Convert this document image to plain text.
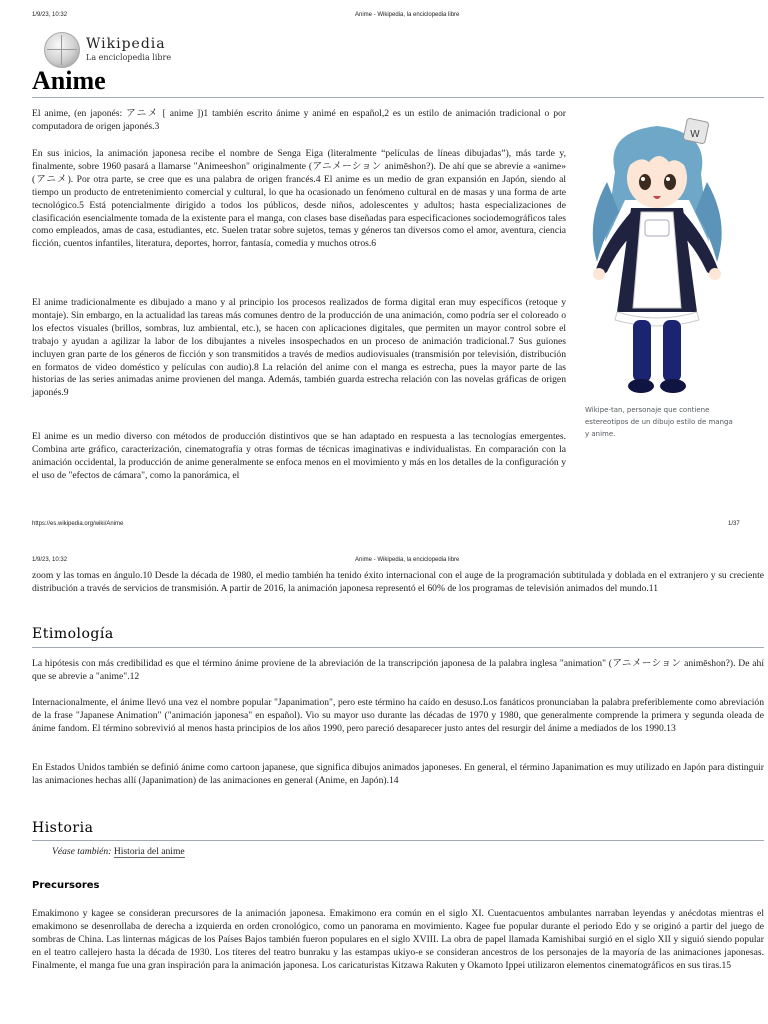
1/9/23, 10:32	Anime - Wikipedia, la enciclopedia libre
Wikipedia
La enciclopedia libre
Anime

El anime, (en japonés: アニメ [ anime ])1 también escrito ánime y animé en español,2 es un estilo de animación tradicional o por computadora de origen japonés.3

En sus inicios, la animación japonesa recibe el nombre de Senga Eiga (literalmente “películas de líneas dibujadas”), más tarde y, finalmente, sobre 1960 pasará a llamarse "Animeeshon" originalmente (アニメーション animēshon?). De ahí que se abrevie a «anime» (アニメ). Por otra parte, se cree que es una palabra de origen francés.4 El anime es un medio de gran expansión en Japón, siendo al tiempo un producto de entretenimiento comercial y cultural, lo que ha ocasionado un fenómeno cultural en de masas y una forma de arte tecnológico.5 Está potencialmente dirigido a todos los públicos, desde niños, adolescentes y adultos; hasta especializaciones de clasificación esencialmente tomada de la existente para el manga, con clases base diseñadas para especificaciones sociodemográficos tales como empleados, amas de casa, estudiantes, etc. Suelen tratar sobre sujetos, temas y géneros tan diversos como el amor, aventura, ciencia ficción, cuentos infantiles, literatura, deportes, horror, fantasía, comedia y muchos otros.6

El anime tradicionalmente es dibujado a mano y al principio los procesos realizados de forma digital eran muy específicos (retoque y montaje). Sin embargo, en la actualidad las tareas más comunes dentro de la producción de una animación, como podría ser el coloreado o los efectos visuales (brillos, sombras, luz ambiental, etc.), se hacen con aplicaciones digitales, que permiten un mayor control sobre el trabajo y ayudan a agilizar la labor de los dibujantes a niveles insospechados en un proceso de animación tradicional.7 Sus guiones incluyen gran parte de los géneros de ficción y son transmitidos a través de medios audiovisuales (transmisión por televisión, distribución en formatos de video doméstico y películas con audio).8 La relación del anime con el manga es estrecha, pues la mayor parte de las historias de las series animadas anime provienen del manga. Además, también guarda estrecha relación con las novelas gráficas de origen japonés.9

El anime es un medio diverso con métodos de producción distintivos que se han adaptado en respuesta a las tecnologías emergentes. Combina arte gráfico, caracterización, cinematografía y otras formas de técnicas imaginativas e individualistas. En comparación con la animación occidental, la producción de anime generalmente se enfoca menos en el movimiento y más en los detalles de la configuración y el uso de "efectos de cámara", como la panorámica, el

W

Wikipe-tan, personaje que contiene estereotipos de un dibujo estilo de manga y anime.

https://es.wikipedia.org/wiki/Anime	1/37
1/9/23, 10:32	Anime - Wikipedia, la enciclopedia libre

zoom y las tomas en ángulo.10 Desde la década de 1980, el medio también ha tenido éxito internacional con el auge de la programación subtitulada y doblada en el extranjero y su creciente distribución a través de servicios de transmisión. A partir de 2016, la animación japonesa representó el 60% de los programas de televisión animados del mundo.11

Etimología

La hipótesis con más credibilidad es que el término ánime proviene de la abreviación de la transcripción japonesa de la palabra inglesa "animation" (アニメーション animēshon?). De ahí que se abrevie a "anime".12

Internacionalmente, el ánime llevó una vez el nombre popular "Japanimation", pero este término ha caído en desuso.Los fanáticos pronunciaban la palabra preferiblemente como abreviación de la frase "Japanese Animation" ("animación japonesa" en español). Vio su mayor uso durante las décadas de 1970 y 1980, que generalmente comprende la primera y segunda oleada de ánime fandom. El término sobrevivió al menos hasta principios de los años 1990, pero pareció desaparecer justo antes del resurgir del ánime a mediados de los 1990.13

En Estados Unidos también se definió ánime como cartoon japanese, que significa dibujos animados japoneses. En general, el término Japanimation es muy utilizado en Japón para distinguir las animaciones hechas allí (Japanimation) de las animaciones en general (Anime, en Japón).14

Historia

Véase también: Historia del anime

Precursores

Emakimono y kagee se consideran precursores de la animación japonesa. Emakimono era común en el siglo XI. Cuentacuentos ambulantes narraban leyendas y anécdotas mientras el emakimono se desenrollaba de derecha a izquierda en orden cronológico, como un panorama en movimiento. Kagee fue popular durante el periodo Edo y se originó a partir del juego de sombras de China. Las linternas mágicas de los Países Bajos también fueron populares en el siglo XVIII. La obra de papel llamada Kamishibai surgió en el siglo XII y siguió siendo popular en el teatro callejero hasta la década de 1930. Los títeres del teatro bunraku y las estampas ukiyo-e se consideran ancestros de los personajes de la mayoría de las animaciones japonesas. Finalmente, el manga fue una gran inspiración para la animación japonesa. Los caricaturistas Kitzawa Rakuten y Okamoto Ippei utilizaron elementos cinematográficos en sus tiras.15
